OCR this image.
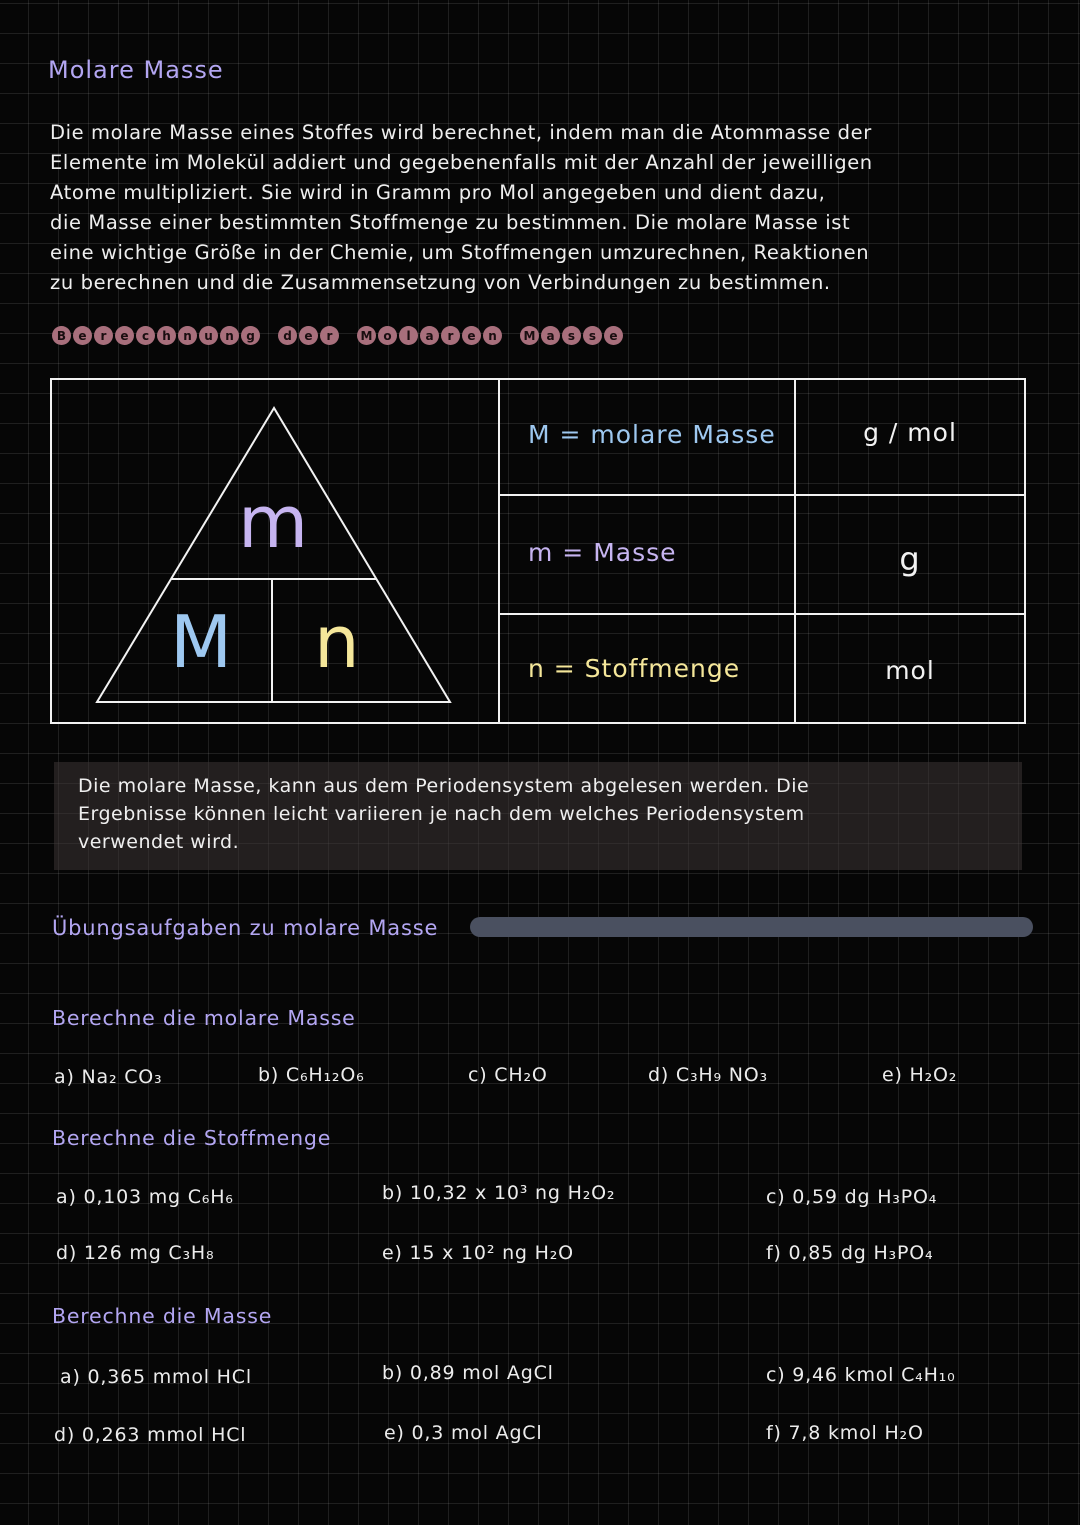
Molare Masse
Die molare Masse eines Stoffes wird berechnet, indem man die Atommasse der
Elemente im Molekül addiert und gegebenenfalls mit der Anzahl der jeweilligen
Atome multipliziert. Sie wird in Gramm pro Mol angegeben und dient dazu,
die Masse einer bestimmten Stoffmenge zu bestimmen. Die molare Masse ist
eine wichtige Größe in der Chemie, um Stoffmengen umzurechnen, Reaktionen
zu berechnen und die Zusammensetzung von Verbindungen zu bestimmen.
B	e	r	e	c	h	n	u	n	g	d	e	r	M o	l	a	r	e	n	M a	s	s	e
m
M n
M = molare Masse	g / mol
m = Masse	g
n = Stoffmenge	mol
Die molare Masse, kann aus dem Periodensystem abgelesen werden. Die
Ergebnisse können leicht variieren je nach dem welches Periodensystem
verwendet wird.
Übungsaufgaben zu molare Masse
Berechne die molare Masse
a) Na₂ CO₃	b) C₆H₁₂O₆	c) CH₂O	d) C₃H₉ NO₃	e) H₂O₂
Berechne die Stoffmenge
a) 0,103 mg C₆H₆	b) 10,32 x 10³ ng H₂O₂	c) 0,59 dg H₃PO₄
d) 126 mg C₃H₈	e) 15 x 10² ng H₂O	f) 0,85 dg H₃PO₄
Berechne die Masse
a) 0,365 mmol HCl	b) 0,89 mol AgCl	c) 9,46 kmol C₄H₁₀
d) 0,263 mmol HCl	e) 0,3 mol AgCl	f) 7,8 kmol H₂O
